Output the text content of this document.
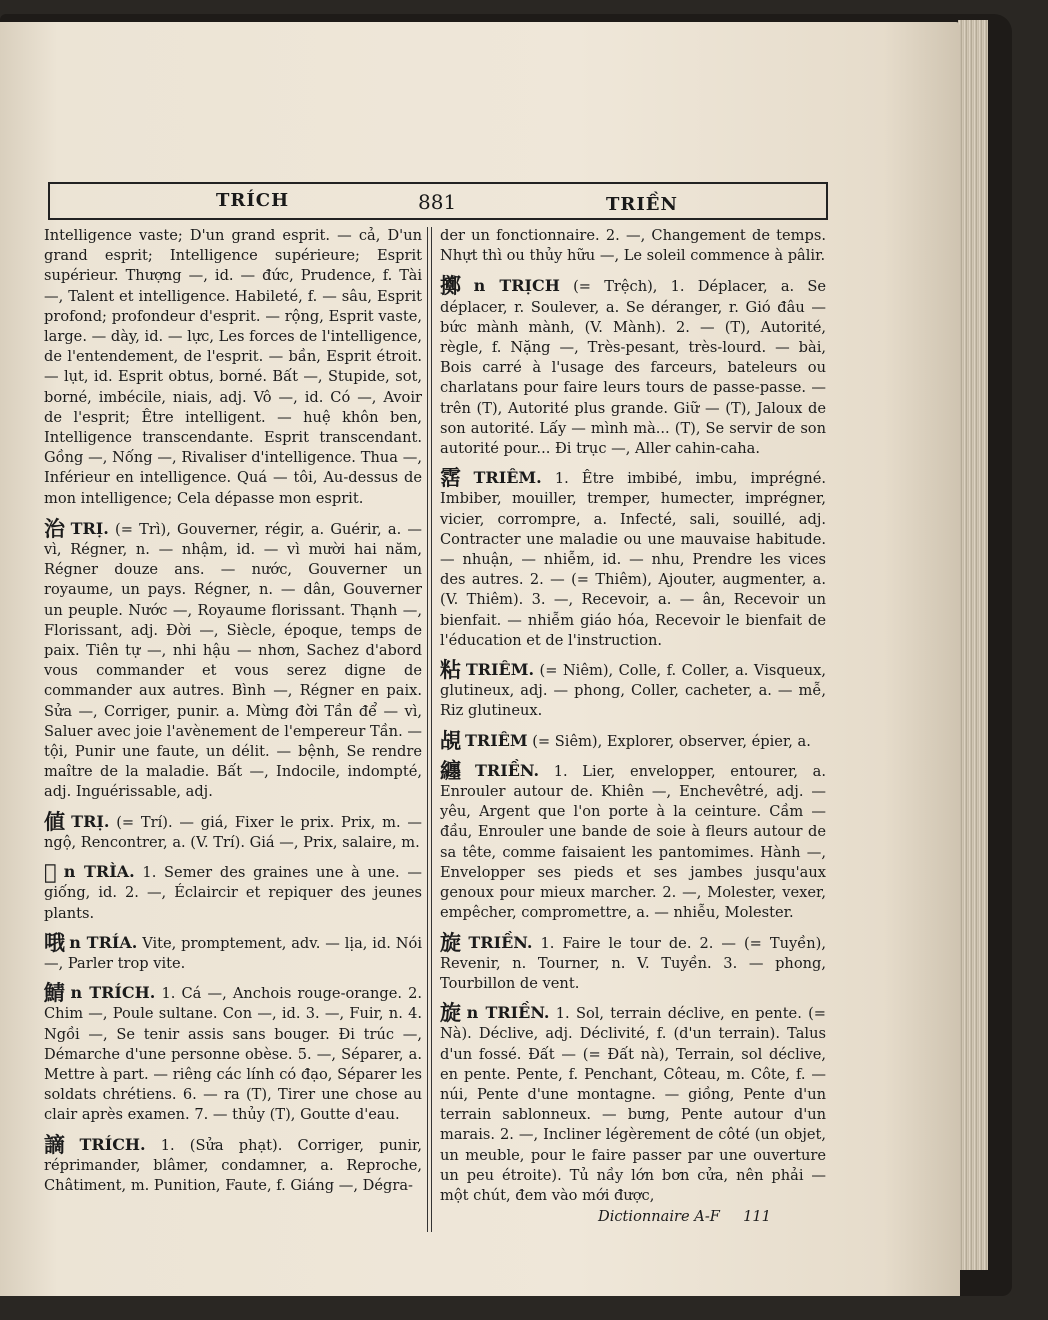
TRÍCH	881	TRIỀN

Intelligence vaste; D'un grand esprit. — cả, D'un grand esprit; Intelligence supérieure; Esprit supérieur. Thượng —, id. — đức, Prudence, f. Tài —, Talent et intelligence. Habileté, f. — sâu, Esprit profond; profondeur d'esprit. — rộng, Esprit vaste, large. — dày, id. — lực, Les forces de l'intelligence, de l'entendement, de l'esprit. — bần, Esprit étroit. — lụt, id. Esprit obtus, borné. Bất —, Stupide, sot, borné, imbécile, niais, adj. Vô —, id. Có —, Avoir de l'esprit; Être intelligent. — huệ khôn ben, Intelligence transcendante. Esprit transcendant. Gồng —, Nống —, Rivaliser d'intelligence. Thua —, Inférieur en intelligence. Quá — tôi, Au-dessus de mon intelligence; Cela dépasse mon esprit.

治 TRỊ. (= Trì), Gouverner, régir, a. Guérir, a. — vì, Régner, n. — nhậm, id. — vì mười hai năm, Régner douze ans. — nước, Gouverner un royaume, un pays. Régner, n. — dân, Gouverner un peuple. Nước —, Royaume florissant. Thạnh —, Florissant, adj. Đời —, Siècle, époque, temps de paix. Tiên tự —, nhi hậu — nhơn, Sachez d'abord vous commander et vous serez digne de commander aux autres. Bình —, Régner en paix. Sửa —, Corriger, punir. a. Mừng đời Tần để — vì, Saluer avec joie l'avènement de l'empereur Tần. — tội, Punir une faute, un délit. — bệnh, Se rendre maître de la maladie. Bất —, Indocile, indompté, adj. Inguérissable, adj.

値 TRỊ. (= Trí). — giá, Fixer le prix. Prix, m. — ngộ, Rencontrer, a. (V. Trí). Giá —, Prix, salaire, m.

𢬣 n TRÌA. 1. Semer des graines une à une. — giống, id. 2. —, Éclaircir et repiquer des jeunes plants.

哦 n TRÍA. Vite, promptement, adv. — lịa, id. Nói —, Parler trop vite.

鯖 n TRÍCH. 1. Cá —, Anchois rouge-orange. 2. Chim —, Poule sultane. Con —, id. 3. —, Fuir, n. 4. Ngồi —, Se tenir assis sans bouger. Đi trúc —, Démarche d'une personne obèse. 5. —, Séparer, a. Mettre à part. — riêng các lính có đạo, Séparer les soldats chrétiens. 6. — ra (T), Tirer une chose au clair après examen. 7. — thủy (T), Goutte d'eau.

謫 TRÍCH. 1. (Sửa phạt). Corriger, punir, réprimander, blâmer, condamner, a. Reproche, Châtiment, m. Punition, Faute, f. Giáng —, Dégra-

der un fonctionnaire. 2. —, Changement de temps. Nhựt thì ou thủy hữu —, Le soleil commence à pâlir.

擲 n TRỊCH (= Trệch), 1. Déplacer, a. Se déplacer, r. Soulever, a. Se déranger, r. Gió đâu — bức mành mành, (V. Mành). 2. — (T), Autorité, règle, f. Nặng —, Très-pesant, très-lourd. — bài, Bois carré à l'usage des farceurs, bateleurs ou charlatans pour faire leurs tours de passe-passe. — trên (T), Autorité plus grande. Giữ — (T), Jaloux de son autorité. Lấy — mình mà... (T), Se servir de son autorité pour... Đi trục —, Aller cahin-caha.

霑 TRIÊM. 1. Être imbibé, imbu, imprégné. Imbiber, mouiller, tremper, humecter, imprégner, vicier, corrompre, a. Infecté, sali, souillé, adj. Contracter une maladie ou une mauvaise habitude. — nhuận, — nhiễm, id. — nhu, Prendre les vices des autres. 2. — (= Thiêm), Ajouter, augmenter, a. (V. Thiêm). 3. —, Recevoir, a. — ân, Recevoir un bienfait. — nhiễm giáo hóa, Recevoir le bienfait de l'éducation et de l'instruction.

粘 TRIÊM. (= Niêm), Colle, f. Coller, a. Visqueux, glutineux, adj. — phong, Coller, cacheter, a. — mễ, Riz glutineux.

覘 TRIÊM (= Siêm), Explorer, observer, épier, a.

纏 TRIỀN. 1. Lier, envelopper, entourer, a. Enrouler autour de. Khiên —, Enchevêtré, adj. — yêu, Argent que l'on porte à la ceinture. Cầm — đầu, Enrouler une bande de soie à fleurs autour de sa tête, comme faisaient les pantomimes. Hành —, Envelopper ses pieds et ses jambes jusqu'aux genoux pour mieux marcher. 2. —, Molester, vexer, empêcher, compromettre, a. — nhiễu, Molester.

旋 TRIỀN. 1. Faire le tour de. 2. — (= Tuyền), Revenir, n. Tourner, n. V. Tuyền. 3. — phong, Tourbillon de vent.

旋 n TRIỀN. 1. Sol, terrain déclive, en pente. (= Nà). Déclive, adj. Déclivité, f. (d'un terrain). Talus d'un fossé. Đất — (= Đất nà), Terrain, sol déclive, en pente. Pente, f. Penchant, Côteau, m. Côte, f. — núi, Pente d'une montagne. — giồng, Pente d'un terrain sablonneux. — bưng, Pente autour d'un marais. 2. —, Incliner légèrement de côté (un objet, un meuble, pour le faire passer par une ouverture un peu étroite). Tủ nầy lớn bơn cửa, nên phải — một chút, đem vào mới được,

Dictionnaire A-F 111
